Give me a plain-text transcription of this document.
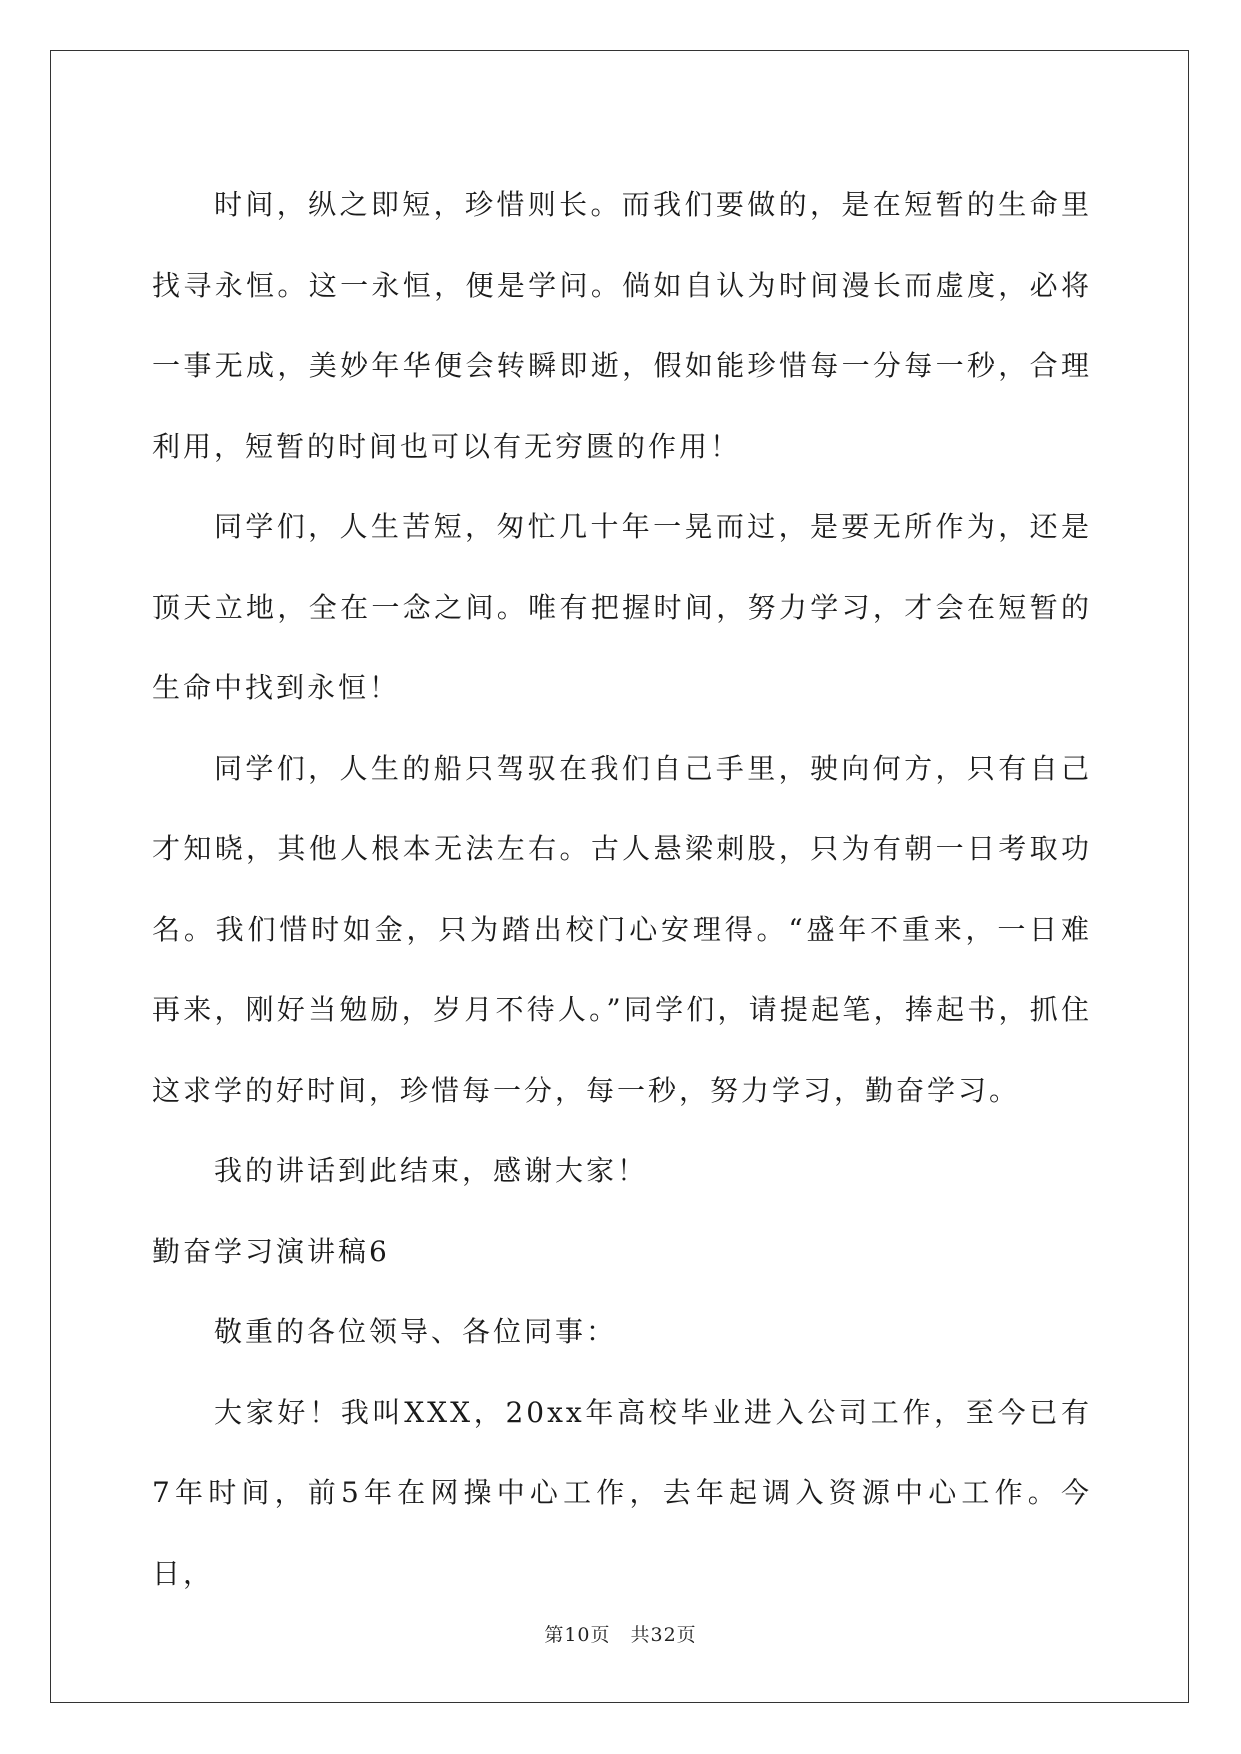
时间，纵之即短，珍惜则长。而我们要做的，是在短暂的生命里找寻永恒。这一永恒，便是学问。倘如自认为时间漫长而虚度，必将一事无成，美妙年华便会转瞬即逝，假如能珍惜每一分每一秒，合理利用，短暂的时间也可以有无穷匮的作用！

同学们，人生苦短，匆忙几十年一晃而过，是要无所作为，还是顶天立地，全在一念之间。唯有把握时间，努力学习，才会在短暂的生命中找到永恒！

同学们，人生的船只驾驭在我们自己手里，驶向何方，只有自己才知晓，其他人根本无法左右。古人悬梁刺股，只为有朝一日考取功名。我们惜时如金，只为踏出校门心安理得。“盛年不重来，一日难再来，刚好当勉励，岁月不待人。”同学们，请提起笔，捧起书，抓住这求学的好时间，珍惜每一分，每一秒，努力学习，勤奋学习。

我的讲话到此结束，感谢大家！

勤奋学习演讲稿6

敬重的各位领导、各位同事：

大家好！我叫XXX，20xx年高校毕业进入公司工作，至今已有7年时间，前5年在网操中心工作，去年起调入资源中心工作。今日，

第10页 共32页
